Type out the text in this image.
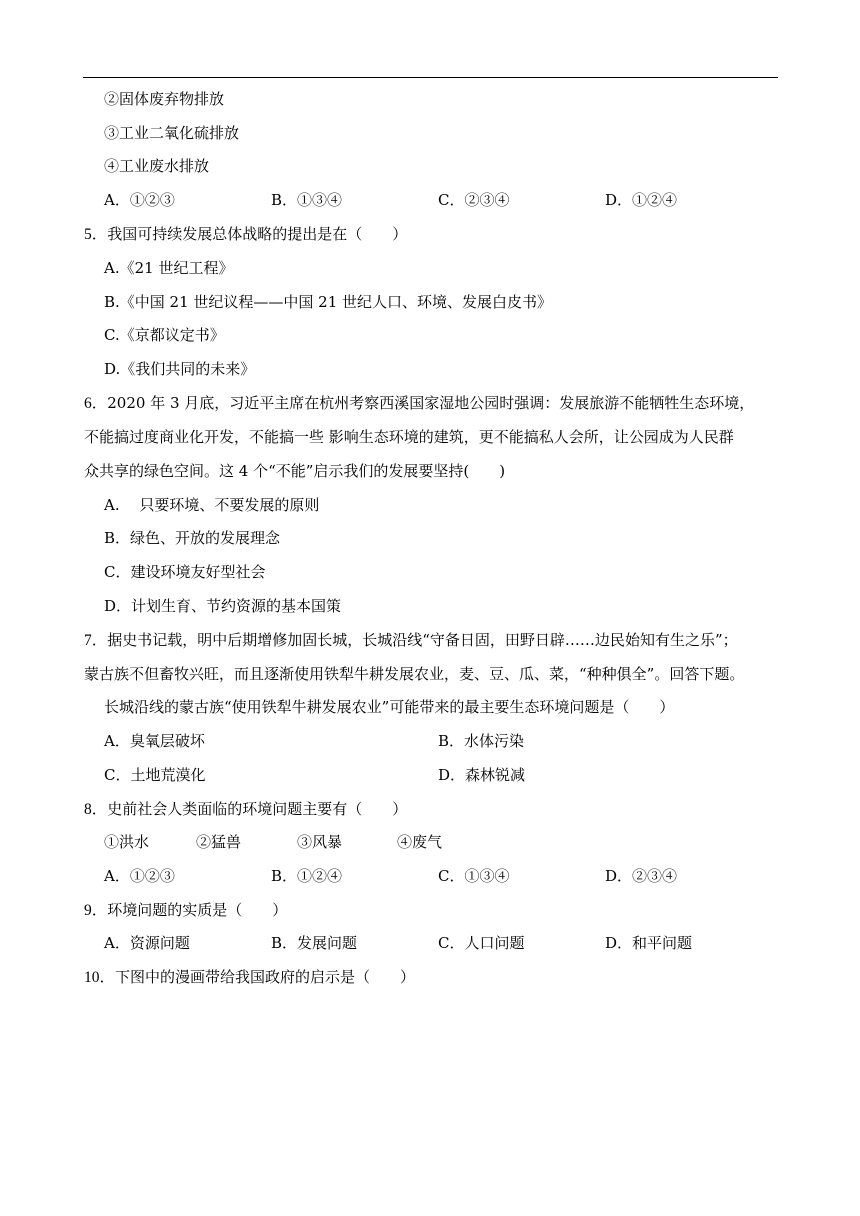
②固体废弃物排放
③工业二氧化硫排放
④工业废水排放
A．①②③	B．①③④	C．②③④	D．①②④
5．我国可持续发展总体战略的提出是在（　　）
A.《21 世纪工程》
B.《中国 21 世纪议程——中国 21 世纪人口、环境、发展白皮书》
C.《京都议定书》
D.《我们共同的未来》
6．2020 年 3 月底，习近平主席在杭州考察西溪国家湿地公园时强调：发展旅游不能牺牲生态环境，
不能搞过度商业化开发，不能搞一些 影响生态环境的建筑，更不能搞私人会所，让公园成为人民群
众共享的绿色空间。这 4 个“不能”启示我们的发展要坚持(　　)
A.　 只要环境、不要发展的原则
B．绿色、开放的发展理念
C．建设环境友好型社会
D．计划生育、节约资源的基本国策
7．据史书记载，明中后期增修加固长城，长城沿线“守备日固，田野日辟……边民始知有生之乐”；
蒙古族不但畜牧兴旺，而且逐渐使用铁犁牛耕发展农业，麦、豆、瓜、菜，“种种俱全”。回答下题。
长城沿线的蒙古族“使用铁犁牛耕发展农业”可能带来的最主要生态环境问题是（　　）
A．臭氧层破坏	B．水体污染
C．土地荒漠化	D．森林锐减
8．史前社会人类面临的环境问题主要有（　　）
①洪水	②猛兽	③风暴	④废气
A．①②③	B．①②④	C．①③④	D．②③④
9．环境问题的实质是（　　）
A．资源问题	B．发展问题	C．人口问题	D．和平问题
10．下图中的漫画带给我国政府的启示是（　　）
